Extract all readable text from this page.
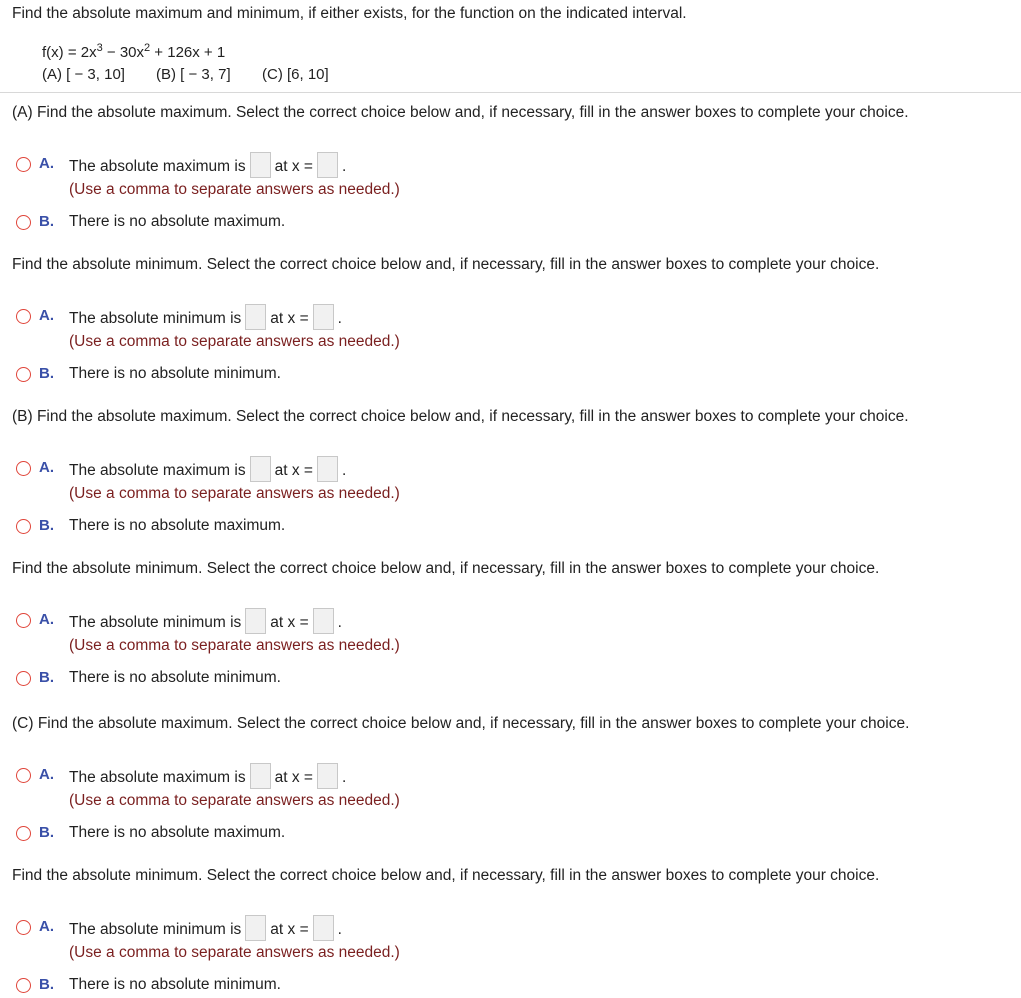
Find the absolute maximum and minimum, if either exists, for the function on the indicated interval.
$f(x) = 2x^3 - 30x^2 + 126x + 1$
(A) [ − 3, 10] (B) [ − 3, 7] (C) [6, 10]
(A) Find the absolute maximum. Select the correct choice below and, if necessary, fill in the answer boxes to complete your choice.
A. The absolute maximum is at x = .
(Use a comma to separate answers as needed.)
B. There is no absolute maximum.
Find the absolute minimum. Select the correct choice below and, if necessary, fill in the answer boxes to complete your choice.
A. The absolute minimum is at x = .
(Use a comma to separate answers as needed.)
B. There is no absolute minimum.
(B) Find the absolute maximum. Select the correct choice below and, if necessary, fill in the answer boxes to complete your choice.
A. The absolute maximum is at x = .
(Use a comma to separate answers as needed.)
B. There is no absolute maximum.
Find the absolute minimum. Select the correct choice below and, if necessary, fill in the answer boxes to complete your choice.
A. The absolute minimum is at x = .
(Use a comma to separate answers as needed.)
B. There is no absolute minimum.
(C) Find the absolute maximum. Select the correct choice below and, if necessary, fill in the answer boxes to complete your choice.
A. The absolute maximum is at x = .
(Use a comma to separate answers as needed.)
B. There is no absolute maximum.
Find the absolute minimum. Select the correct choice below and, if necessary, fill in the answer boxes to complete your choice.
A. The absolute minimum is at x = .
(Use a comma to separate answers as needed.)
B. There is no absolute minimum.
